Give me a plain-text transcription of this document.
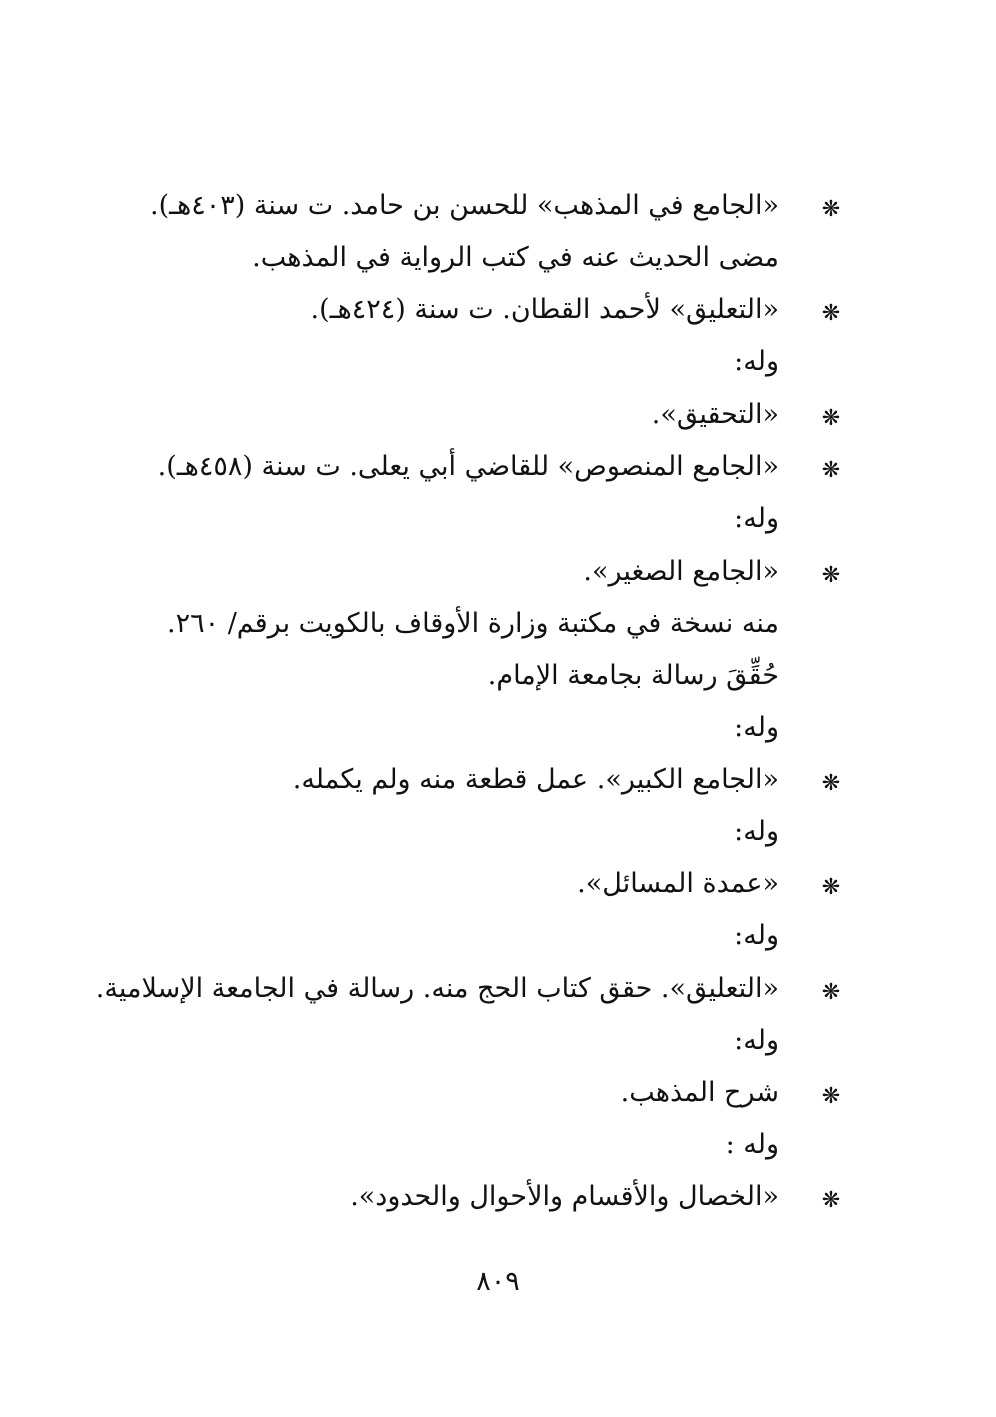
❋
«الجامع في المذهب» للحسن بن حامد. ت سنة (٤٠٣هـ).
مضى الحديث عنه في كتب الرواية في المذهب.
❋
«التعليق» لأحمد القطان. ت سنة (٤٢٤هـ).
وله:
❋
«التحقيق».
❋
«الجامع المنصوص» للقاضي أبي يعلى. ت سنة (٤٥٨هـ).
وله:
❋
«الجامع الصغير».
منه نسخة في مكتبة وزارة الأوقاف بالكويت برقم/ ٢٦٠.
حُقِّقَ رسالة بجامعة الإمام.
وله:
❋
«الجامع الكبير». عمل قطعة منه ولم يكمله.
وله:
❋
«عمدة المسائل».
وله:
❋
«التعليق». حقق كتاب الحج منه. رسالة في الجامعة الإسلامية.
وله:
❋
شرح المذهب.
وله :
❋
«الخصال والأقسام والأحوال والحدود».
٨٠٩
